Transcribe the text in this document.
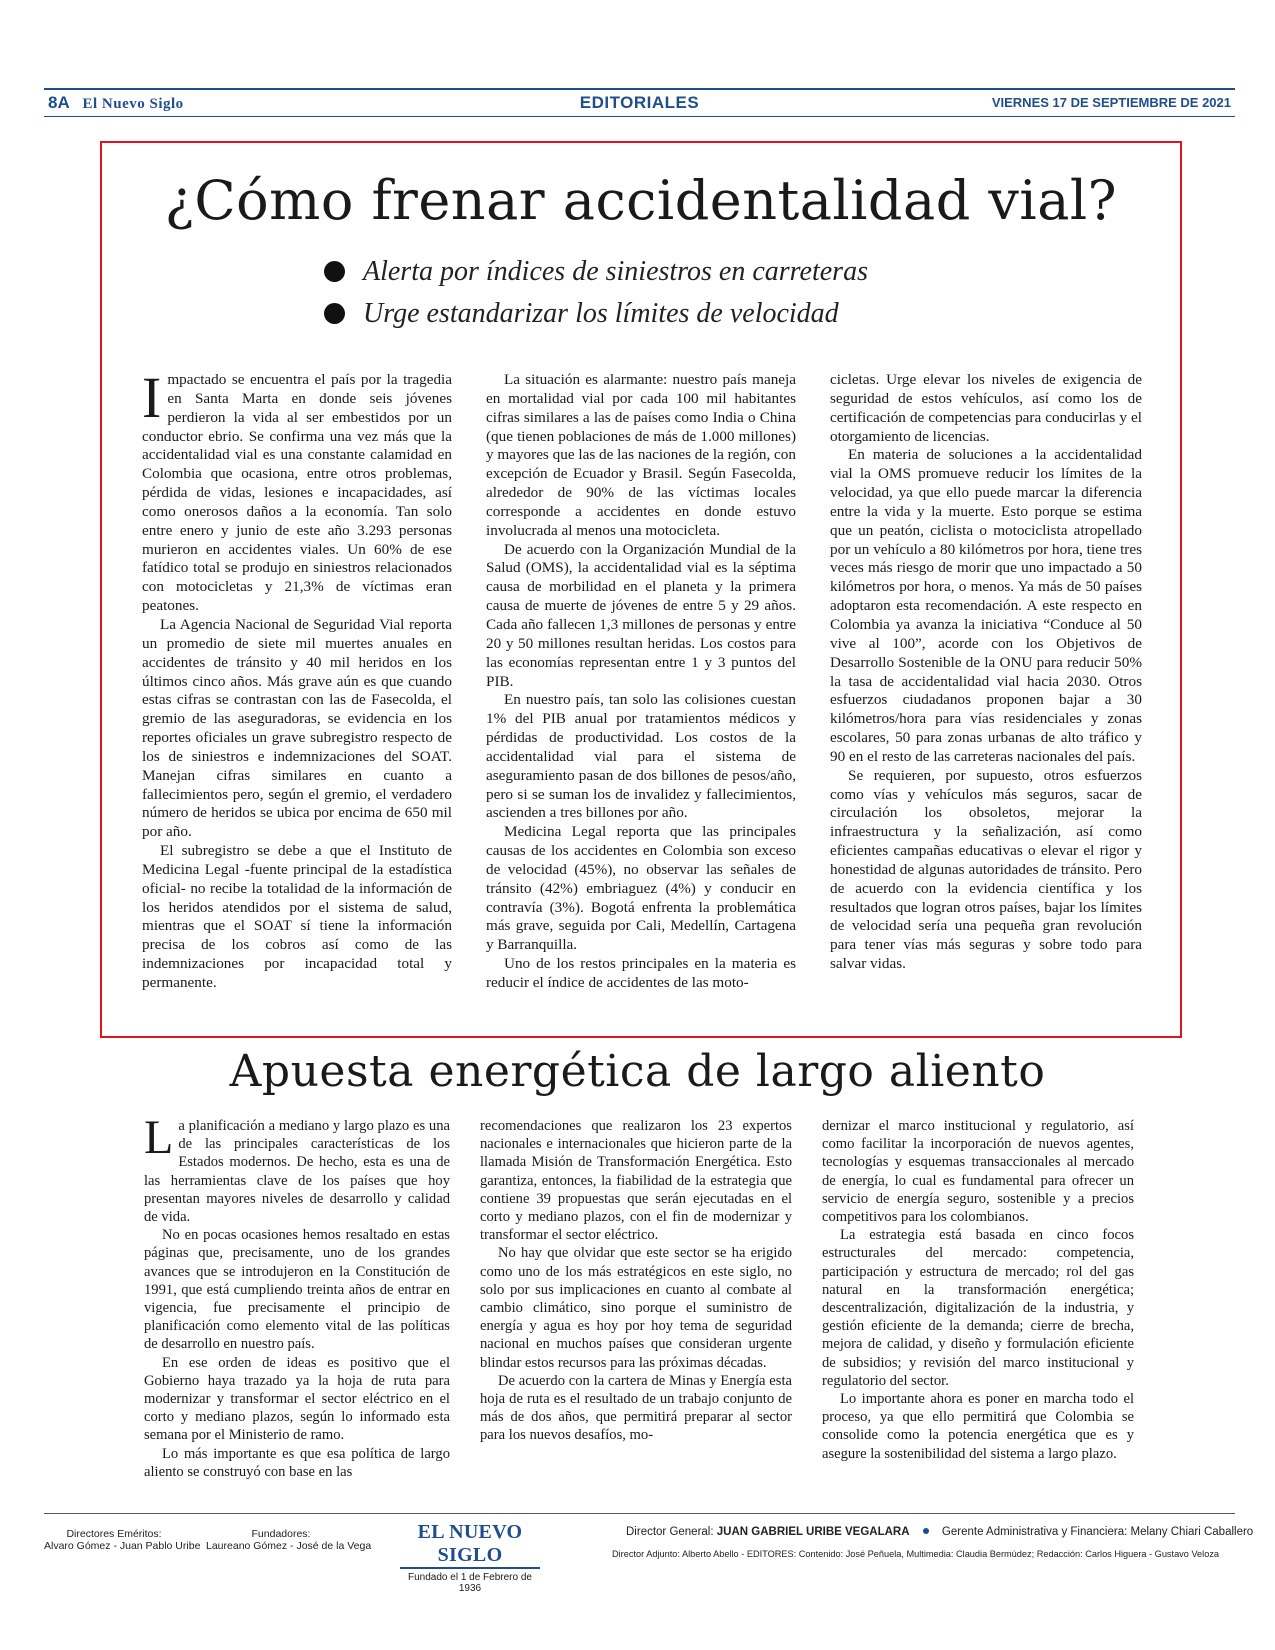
8A El Nuevo Siglo	EDITORIALES	VIERNES 17 DE SEPTIEMBRE DE 2021
¿Cómo frenar accidentalidad vial?
Alerta por índices de siniestros en carreteras
Urge estandarizar los límites de velocidad

Impactado se encuentra el país por la tragedia en Santa Marta en donde seis jóvenes perdieron la vida al ser embestidos por un conductor ebrio. Se confirma una vez más que la accidentalidad vial es una constante calamidad en Colombia que ocasiona, entre otros problemas, pérdida de vidas, lesiones e incapacidades, así como onerosos daños a la economía. Tan solo entre enero y junio de este año 3.293 personas murieron en accidentes viales. Un 60% de ese fatídico total se produjo en siniestros relacionados con motocicletas y 21,3% de víctimas eran peatones.

La Agencia Nacional de Seguridad Vial reporta un promedio de siete mil muertes anuales en accidentes de tránsito y 40 mil heridos en los últimos cinco años. Más grave aún es que cuando estas cifras se contrastan con las de Fasecolda, el gremio de las aseguradoras, se evidencia en los reportes oficiales un grave subregistro respecto de los de siniestros e indemnizaciones del SOAT. Manejan cifras similares en cuanto a fallecimientos pero, según el gremio, el verdadero número de heridos se ubica por encima de 650 mil por año.

El subregistro se debe a que el Instituto de Medicina Legal -fuente principal de la estadística oficial- no recibe la totalidad de la información de los heridos atendidos por el sistema de salud, mientras que el SOAT sí tiene la información precisa de los cobros así como de las indemnizaciones por incapacidad total y permanente.

La situación es alarmante: nuestro país maneja en mortalidad vial por cada 100 mil habitantes cifras similares a las de países como India o China (que tienen poblaciones de más de 1.000 millones) y mayores que las de las naciones de la región, con excepción de Ecuador y Brasil. Según Fasecolda, alrededor de 90% de las víctimas locales corresponde a accidentes en donde estuvo involucrada al menos una motocicleta.

De acuerdo con la Organización Mundial de la Salud (OMS), la accidentalidad vial es la séptima causa de morbilidad en el planeta y la primera causa de muerte de jóvenes de entre 5 y 29 años. Cada año fallecen 1,3 millones de personas y entre 20 y 50 millones resultan heridas. Los costos para las economías representan entre 1 y 3 puntos del PIB.

En nuestro país, tan solo las colisiones cuestan 1% del PIB anual por tratamientos médicos y pérdidas de productividad. Los costos de la accidentalidad vial para el sistema de aseguramiento pasan de dos billones de pesos/año, pero si se suman los de invalidez y fallecimientos, ascienden a tres billones por año.

Medicina Legal reporta que las principales causas de los accidentes en Colombia son exceso de velocidad (45%), no observar las señales de tránsito (42%) embriaguez (4%) y conducir en contravía (3%). Bogotá enfrenta la problemática más grave, seguida por Cali, Medellín, Cartagena y Barranquilla.

Uno de los restos principales en la materia es reducir el índice de accidentes de las moto-

cicletas. Urge elevar los niveles de exigencia de seguridad de estos vehículos, así como los de certificación de competencias para conducirlas y el otorgamiento de licencias.

En materia de soluciones a la accidentalidad vial la OMS promueve reducir los límites de la velocidad, ya que ello puede marcar la diferencia entre la vida y la muerte. Esto porque se estima que un peatón, ciclista o motociclista atropellado por un vehículo a 80 kilómetros por hora, tiene tres veces más riesgo de morir que uno impactado a 50 kilómetros por hora, o menos. Ya más de 50 países adoptaron esta recomendación. A este respecto en Colombia ya avanza la iniciativa “Conduce al 50 vive al 100”, acorde con los Objetivos de Desarrollo Sostenible de la ONU para reducir 50% la tasa de accidentalidad vial hacia 2030. Otros esfuerzos ciudadanos proponen bajar a 30 kilómetros/hora para vías residenciales y zonas escolares, 50 para zonas urbanas de alto tráfico y 90 en el resto de las carreteras nacionales del país.

Se requieren, por supuesto, otros esfuerzos como vías y vehículos más seguros, sacar de circulación los obsoletos, mejorar la infraestructura y la señalización, así como eficientes campañas educativas o elevar el rigor y honestidad de algunas autoridades de tránsito. Pero de acuerdo con la evidencia científica y los resultados que logran otros países, bajar los límites de velocidad sería una pequeña gran revolución para tener vías más seguras y sobre todo para salvar vidas.

Apuesta energética de largo aliento

La planificación a mediano y largo plazo es una de las principales características de los Estados modernos. De hecho, esta es una de las herramientas clave de los países que hoy presentan mayores niveles de desarrollo y calidad de vida.

No en pocas ocasiones hemos resaltado en estas páginas que, precisamente, uno de los grandes avances que se introdujeron en la Constitución de 1991, que está cumpliendo treinta años de entrar en vigencia, fue precisamente el principio de planificación como elemento vital de las políticas de desarrollo en nuestro país.

En ese orden de ideas es positivo que el Gobierno haya trazado ya la hoja de ruta para modernizar y transformar el sector eléctrico en el corto y mediano plazos, según lo informado esta semana por el Ministerio de ramo.

Lo más importante es que esa política de largo aliento se construyó con base en las

recomendaciones que realizaron los 23 expertos nacionales e internacionales que hicieron parte de la llamada Misión de Transformación Energética. Esto garantiza, entonces, la fiabilidad de la estrategia que contiene 39 propuestas que serán ejecutadas en el corto y mediano plazos, con el fin de modernizar y transformar el sector eléctrico.

No hay que olvidar que este sector se ha erigido como uno de los más estratégicos en este siglo, no solo por sus implicaciones en cuanto al combate al cambio climático, sino porque el suministro de energía y agua es hoy por hoy tema de seguridad nacional en muchos países que consideran urgente blindar estos recursos para las próximas décadas.

De acuerdo con la cartera de Minas y Energía esta hoja de ruta es el resultado de un trabajo conjunto de más de dos años, que permitirá preparar al sector para los nuevos desafíos, mo-

dernizar el marco institucional y regulatorio, así como facilitar la incorporación de nuevos agentes, tecnologías y esquemas transaccionales al mercado de energía, lo cual es fundamental para ofrecer un servicio de energía seguro, sostenible y a precios competitivos para los colombianos.

La estrategia está basada en cinco focos estructurales del mercado: competencia, participación y estructura de mercado; rol del gas natural en la transformación energética; descentralización, digitalización de la industria, y gestión eficiente de la demanda; cierre de brecha, mejora de calidad, y diseño y formulación eficiente de subsidios; y revisión del marco institucional y regulatorio del sector.

Lo importante ahora es poner en marcha todo el proceso, ya que ello permitirá que Colombia se consolide como la potencia energética que es y asegure la sostenibilidad del sistema a largo plazo.

Directores Eméritos:
Alvaro Gómez - Juan Pablo Uribe
Fundadores:
Laureano Gómez - José de la Vega
EL NUEVO SIGLO
Fundado el 1 de Febrero de 1936
Director General: JUAN GABRIEL URIBE VEGALARA	Gerente Administrativa y Financiera: Melany Chiari Caballero
Director Adjunto: Alberto Abello - EDITORES: Contenido: José Peñuela, Multimedia: Claudia Bermúdez; Redacción: Carlos Higuera - Gustavo Veloza
